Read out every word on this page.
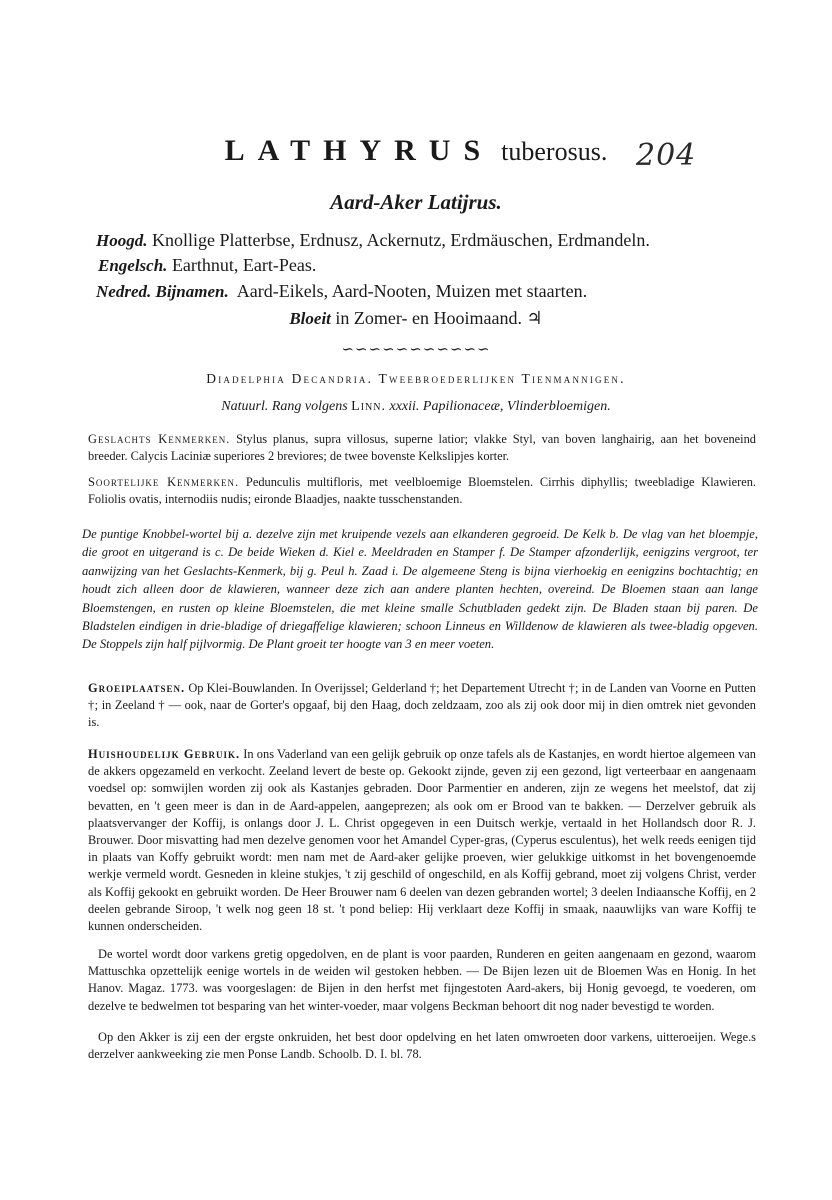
204
LATHYRUS tuberosus.
Aard-Aker Latijrus.
Hoogd. Knollige Platterbse, Erdnusz, Ackernutz, Erdmäuschen, Erdmandeln.
Engelsch. Earthnut, Eart-Peas.
Nedred. Bijnamen. Aard-Eikels, Aard-Nooten, Muizen met staarten.
Bloeit in Zomer- en Hooimaand. ♃
∽∽∽∽∽∽∽∽∽∽∽
Diadelphia Decandria. Tweebroederlijken Tienmannigen.
Natuurl. Rang volgens Linn. xxxii. Papilionaceæ, Vlinderbloemigen.
Geslachts Kenmerken. Stylus planus, supra villosus, superne latior; vlakke Styl, van boven langhairig, aan het boveneind breeder. Calycis Laciniæ superiores 2 breviores; de twee bovenste Kelkslipjes korter.
Soortelijke Kenmerken. Pedunculis multifloris, met veelbloemige Bloemstelen. Cirrhis diphyllis; tweebladige Klawieren. Foliolis ovatis, internodiis nudis; eironde Blaadjes, naakte tusschenstanden.
De puntige Knobbel-wortel bij a. dezelve zijn met kruipende vezels aan elkanderen gegroeid. De Kelk b. De vlag van het bloempje, die groot en uitgerand is c. De beide Wieken d. Kiel e. Meeldraden en Stamper f. De Stamper afzonderlijk, eenigzins vergroot, ter aanwijzing van het Geslachts-Kenmerk, bij g. Peul h. Zaad i. De algemeene Steng is bijna vierhoekig en eenigzins bochtachtig; en houdt zich alleen door de klawieren, wanneer deze zich aan andere planten hechten, overeind. De Bloemen staan aan lange Bloemstengen, en rusten op kleine Bloemstelen, die met kleine smalle Schutbladen gedekt zijn. De Bladen staan bij paren. De Bladstelen eindigen in drie-bladige of driegaffelige klawieren; schoon Linneus en Willdenow de klawieren als twee-bladig opgeven. De Stoppels zijn half pijlvormig. De Plant groeit ter hoogte van 3 en meer voeten.
Groeiplaatsen. Op Klei-Bouwlanden. In Overijssel; Gelderland †; het Departement Utrecht †; in de Landen van Voorne en Putten †; in Zeeland † — ook, naar de Gorter's opgaaf, bij den Haag, doch zeldzaam, zoo als zij ook door mij in dien omtrek niet gevonden is.
Huishoudelijk Gebruik. In ons Vaderland van een gelijk gebruik op onze tafels als de Kastanjes, en wordt hiertoe algemeen van de akkers opgezameld en verkocht. Zeeland levert de beste op. Gekookt zijnde, geven zij een gezond, ligt verteerbaar en aangenaam voedsel op: somwijlen worden zij ook als Kastanjes gebraden. Door Parmentier en anderen, zijn ze wegens het meelstof, dat zij bevatten, en 't geen meer is dan in de Aard-appelen, aangeprezen; als ook om er Brood van te bakken. — Derzelver gebruik als plaatsvervanger der Koffij, is onlangs door J. L. Christ opgegeven in een Duitsch werkje, vertaald in het Hollandsch door R. J. Brouwer. Door misvatting had men dezelve genomen voor het Amandel Cyper-gras, (Cyperus esculentus), het welk reeds eenigen tijd in plaats van Koffy gebruikt wordt: men nam met de Aard-aker gelijke proeven, wier gelukkige uitkomst in het bovengenoemde werkje vermeld wordt. Gesneden in kleine stukjes, 't zij geschild of ongeschild, en als Koffij gebrand, moet zij volgens Christ, verder als Koffij gekookt en gebruikt worden. De Heer Brouwer nam 6 deelen van dezen gebranden wortel; 3 deelen Indiaansche Koffij, en 2 deelen gebrande Siroop, 't welk nog geen 18 st. 't pond beliep: Hij verklaart deze Koffij in smaak, naauwlijks van ware Koffij te kunnen onderscheiden.
De wortel wordt door varkens gretig opgedolven, en de plant is voor paarden, Runderen en geiten aangenaam en gezond, waarom Mattuschka opzettelijk eenige wortels in de weiden wil gestoken hebben. — De Bijen lezen uit de Bloemen Was en Honig. In het Hanov. Magaz. 1773. was voorgeslagen: de Bijen in den herfst met fijngestoten Aard-akers, bij Honig gevoegd, te voederen, om dezelve te bedwelmen tot besparing van het winter-voeder, maar volgens Beckman behoort dit nog nader bevestigd te worden.
Op den Akker is zij een der ergste onkruiden, het best door opdelving en het laten omwroeten door varkens, uitteroeijen. Wege.s derzelver aankweeking zie men Ponse Landb. Schoolb. D. I. bl. 78.
